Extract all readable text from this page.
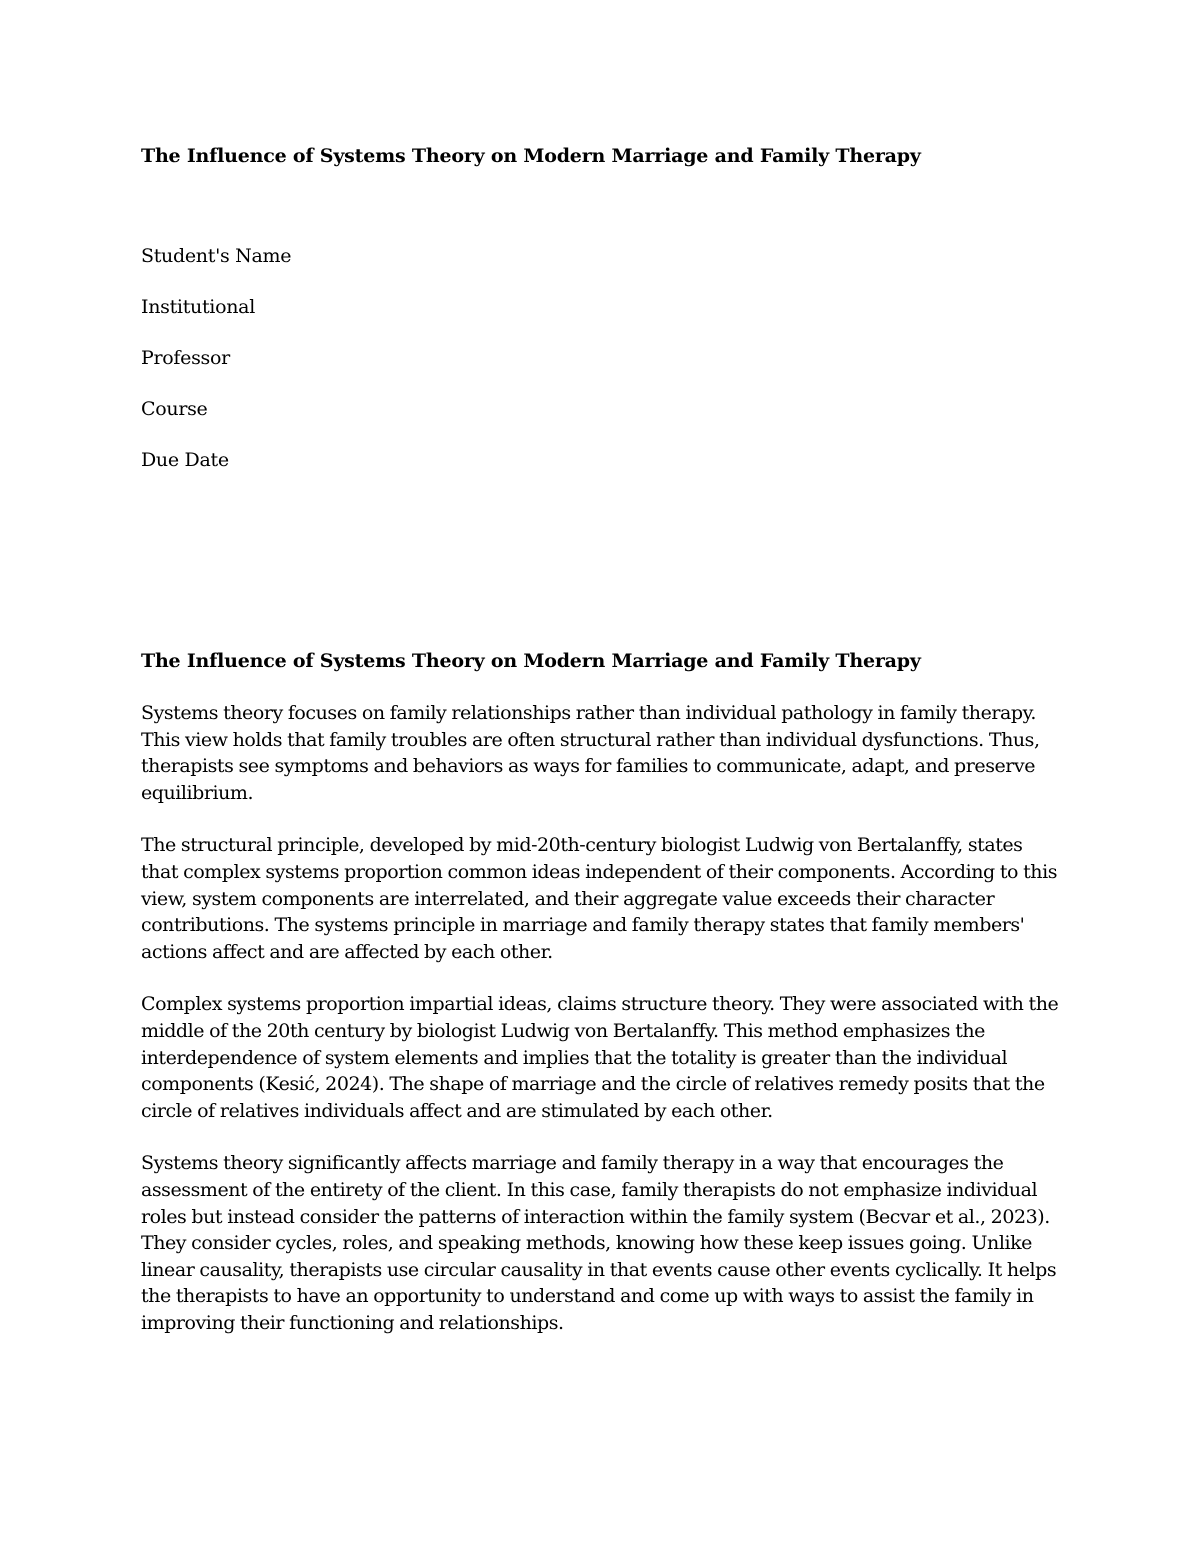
The Influence of Systems Theory on Modern Marriage and Family Therapy
Student's Name
Institutional
Professor
Course
Due Date
The Influence of Systems Theory on Modern Marriage and Family Therapy

Systems theory focuses on family relationships rather than individual pathology in family therapy. This view holds that family troubles are often structural rather than individual dysfunctions. Thus, therapists see symptoms and behaviors as ways for families to communicate, adapt, and preserve equilibrium.

The structural principle, developed by mid-20th-century biologist Ludwig von Bertalanffy, states that complex systems proportion common ideas independent of their components. According to this view, system components are interrelated, and their aggregate value exceeds their character contributions. The systems principle in marriage and family therapy states that family members' actions affect and are affected by each other.

Complex systems proportion impartial ideas, claims structure theory. They were associated with the middle of the 20th century by biologist Ludwig von Bertalanffy. This method emphasizes the interdependence of system elements and implies that the totality is greater than the individual components (Kesić, 2024). The shape of marriage and the circle of relatives remedy posits that the circle of relatives individuals affect and are stimulated by each other.

Systems theory significantly affects marriage and family therapy in a way that encourages the assessment of the entirety of the client. In this case, family therapists do not emphasize individual roles but instead consider the patterns of interaction within the family system (Becvar et al., 2023). They consider cycles, roles, and speaking methods, knowing how these keep issues going. Unlike linear causality, therapists use circular causality in that events cause other events cyclically. It helps the therapists to have an opportunity to understand and come up with ways to assist the family in improving their functioning and relationships.
